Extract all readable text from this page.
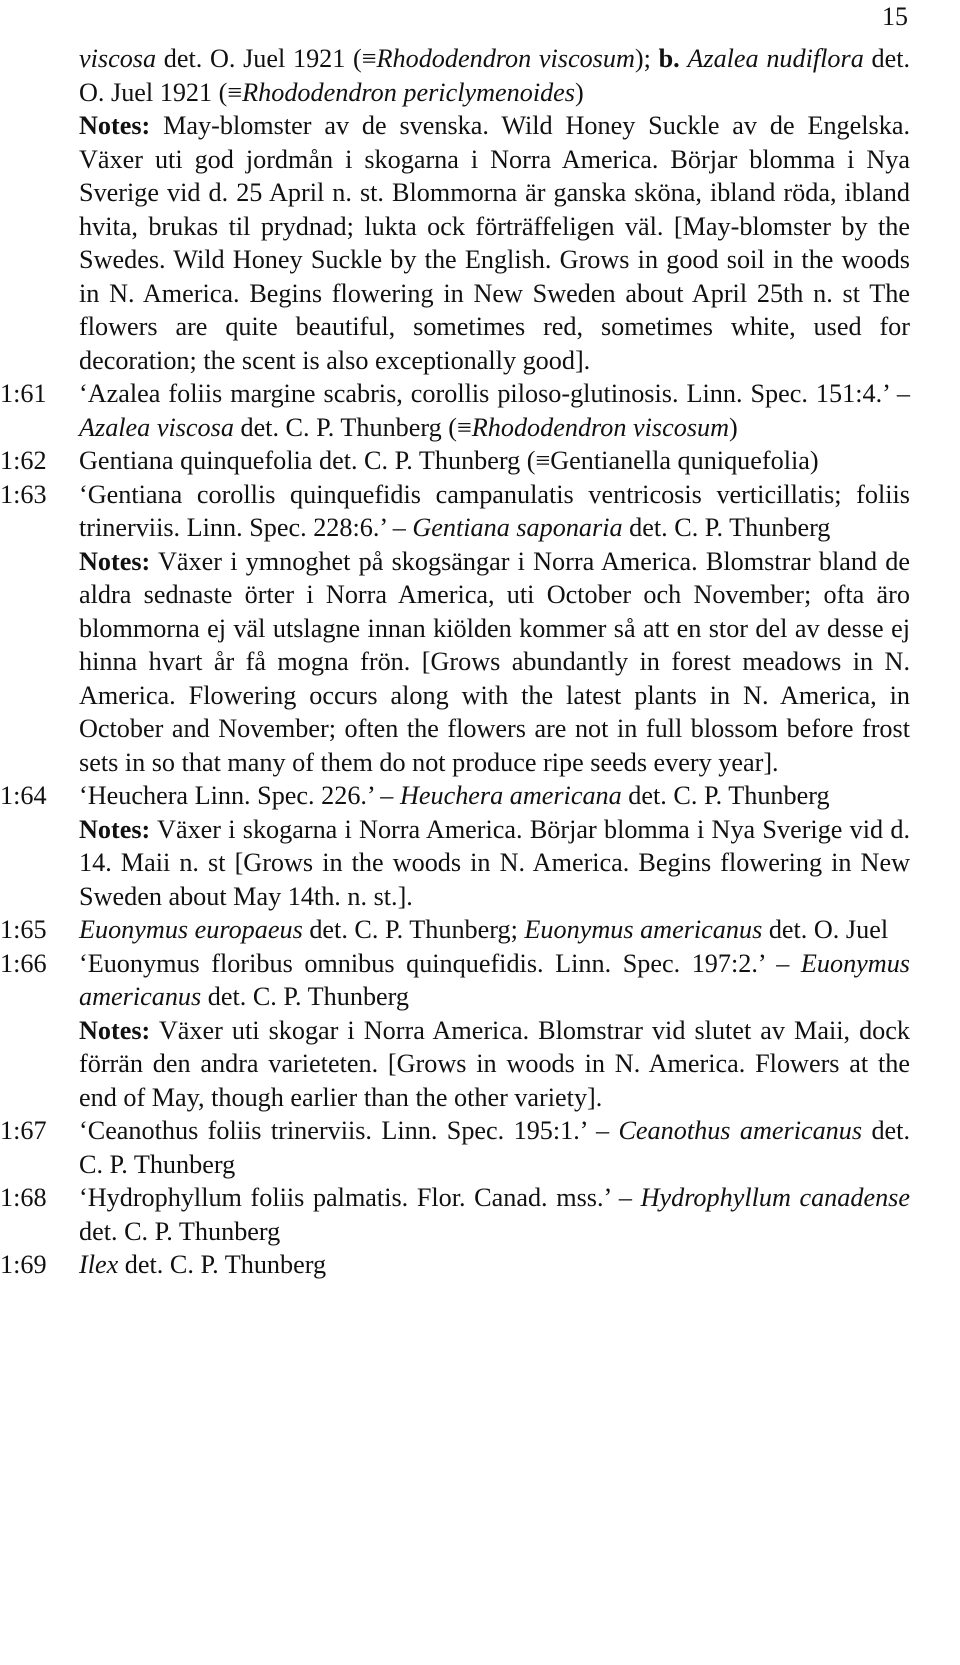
15
viscosa det. O. Juel 1921 (≡Rhododendron viscosum); b. Azalea nudiflora det. O. Juel 1921 (≡Rhododendron periclymenoides)
Notes: May-blomster av de svenska. Wild Honey Suckle av de Engelska. Växer uti god jordmån i skogarna i Norra America. Börjar blomma i Nya Sverige vid d. 25 April n. st. Blommorna är ganska sköna, ibland röda, ibland hvita, brukas til prydnad; lukta ock förträffeligen väl. [May-blomster by the Swedes. Wild Honey Suckle by the English. Grows in good soil in the woods in N. America. Begins flowering in New Sweden about April 25th n. st The flowers are quite beautiful, sometimes red, sometimes white, used for decoration; the scent is also exceptionally good].
1:61	‘Azalea foliis margine scabris, corollis piloso-glutinosis. Linn. Spec. 151:4.’ – Azalea viscosa det. C. P. Thunberg (≡Rhododendron viscosum)
1:62	Gentiana quinquefolia det. C. P. Thunberg (≡Gentianella quniquefolia)
1:63	‘Gentiana corollis quinquefidis campanulatis ventricosis verticillatis; foliis trinerviis. Linn. Spec. 228:6.’ – Gentiana saponaria det. C. P. Thunberg
Notes: Växer i ymnoghet på skogsängar i Norra America. Blomstrar bland de aldra sednaste örter i Norra America, uti October och November; ofta äro blommorna ej väl utslagne innan kiölden kommer så att en stor del av desse ej hinna hvart år få mogna frön. [Grows abundantly in forest meadows in N. America. Flowering occurs along with the latest plants in N. America, in October and November; often the flowers are not in full blossom before frost sets in so that many of them do not produce ripe seeds every year].
1:64	‘Heuchera Linn. Spec. 226.’ – Heuchera americana det. C. P. Thunberg
Notes: Växer i skogarna i Norra America. Börjar blomma i Nya Sverige vid d. 14. Maii n. st [Grows in the woods in N. America. Begins flowering in New Sweden about May 14th. n. st.].
1:65	Euonymus europaeus det. C. P. Thunberg; Euonymus americanus det. O. Juel
1:66	‘Euonymus floribus omnibus quinquefidis. Linn. Spec. 197:2.’ – Euonymus americanus det. C. P. Thunberg
Notes: Växer uti skogar i Norra America. Blomstrar vid slutet av Maii, dock förrän den andra varieteten. [Grows in woods in N. America. Flowers at the end of May, though earlier than the other variety].
1:67	‘Ceanothus foliis trinerviis. Linn. Spec. 195:1.’ – Ceanothus americanus det. C. P. Thunberg
1:68	‘Hydrophyllum foliis palmatis. Flor. Canad. mss.’ – Hydrophyllum canadense det. C. P. Thunberg
1:69	Ilex det. C. P. Thunberg
